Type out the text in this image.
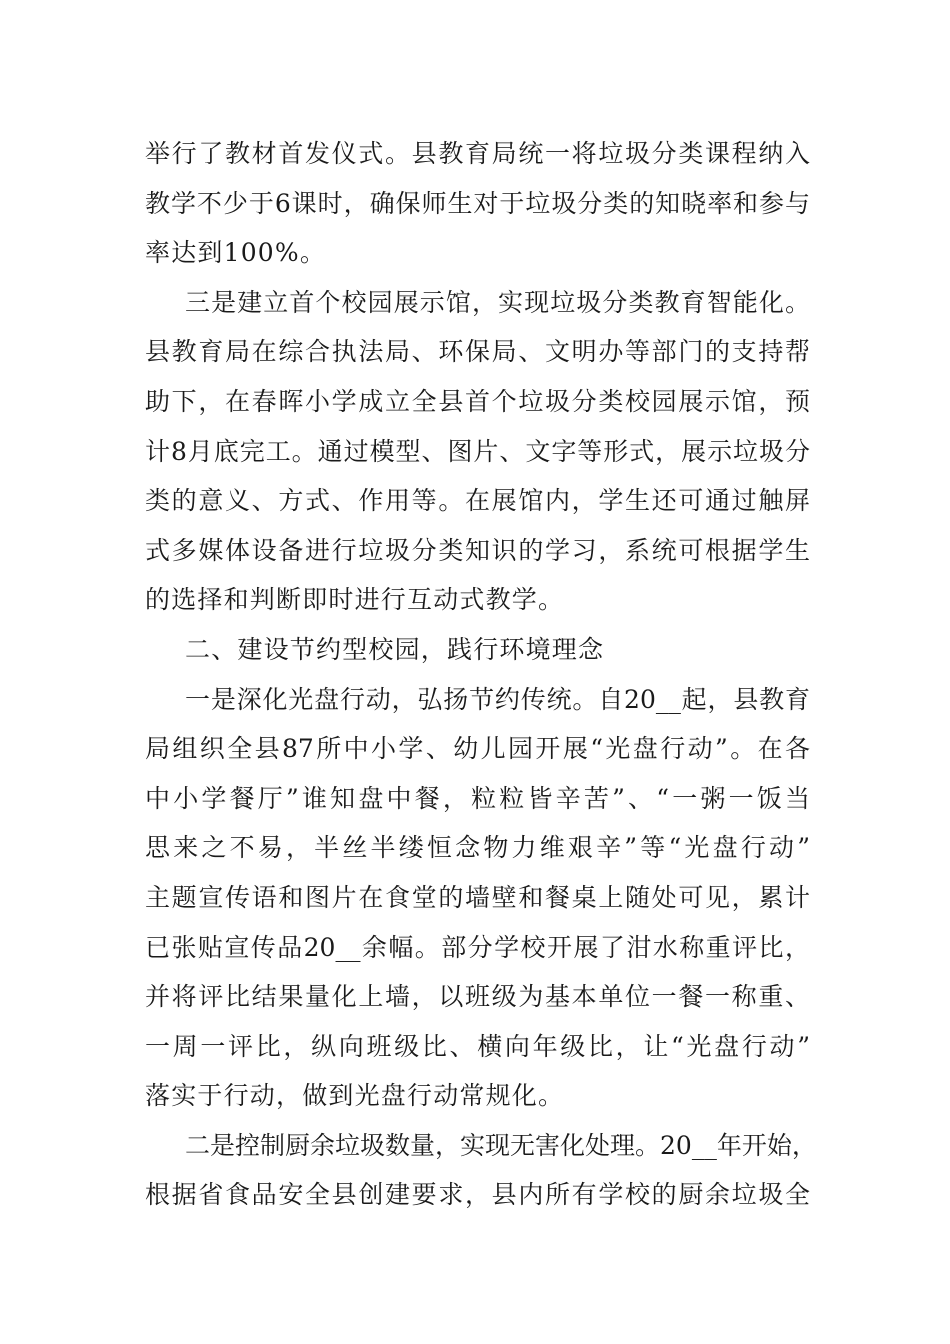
举行了教材首发仪式。县教育局统一将垃圾分类课程纳入
教学不少于6课时，确保师生对于垃圾分类的知晓率和参与
率达到100%。
三是建立首个校园展示馆，实现垃圾分类教育智能化。
县教育局在综合执法局、环保局、文明办等部门的支持帮
助下，在春晖小学成立全县首个垃圾分类校园展示馆，预
计8月底完工。通过模型、图片、文字等形式，展示垃圾分
类的意义、方式、作用等。在展馆内，学生还可通过触屏
式多媒体设备进行垃圾分类知识的学习，系统可根据学生
的选择和判断即时进行互动式教学。
二、建设节约型校园，践行环境理念
一是深化光盘行动，弘扬节约传统。自20__起，县教育
局组织全县87所中小学、幼儿园开展“光盘行动”。在各
中小学餐厅”谁知盘中餐，粒粒皆辛苦”、“一粥一饭当
思来之不易，半丝半缕恒念物力维艰辛”等“光盘行动”
主题宣传语和图片在食堂的墙壁和餐桌上随处可见，累计
已张贴宣传品20__余幅。部分学校开展了泔水称重评比，
并将评比结果量化上墙，以班级为基本单位一餐一称重、
一周一评比，纵向班级比、横向年级比，让“光盘行动”
落实于行动，做到光盘行动常规化。
二是控制厨余垃圾数量，实现无害化处理。20__年开始，
根据省食品安全县创建要求，县内所有学校的厨余垃圾全
